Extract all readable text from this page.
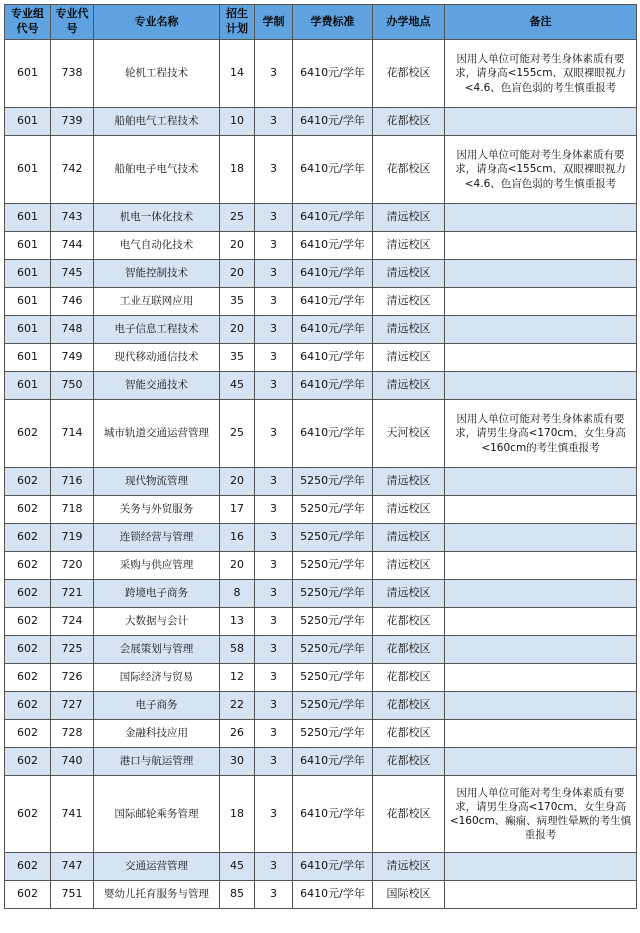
专业组代号	专业代号	专业名称	招生计划	学制	学费标准	办学地点	备注
601	738	轮机工程技术	14	3	6410元/学年	花都校区	因用人单位可能对考生身体素质有要求，请身高<155cm、双眼裸眼视力<4.6、色盲色弱的考生慎重报考
601	739	船舶电气工程技术	10	3	6410元/学年	花都校区	
601	742	船舶电子电气技术	18	3	6410元/学年	花都校区	因用人单位可能对考生身体素质有要求，请身高<155cm、双眼裸眼视力<4.6、色盲色弱的考生慎重报考
601	743	机电一体化技术	25	3	6410元/学年	清远校区	
601	744	电气自动化技术	20	3	6410元/学年	清远校区	
601	745	智能控制技术	20	3	6410元/学年	清远校区	
601	746	工业互联网应用	35	3	6410元/学年	清远校区	
601	748	电子信息工程技术	20	3	6410元/学年	清远校区	
601	749	现代移动通信技术	35	3	6410元/学年	清远校区	
601	750	智能交通技术	45	3	6410元/学年	清远校区	
602	714	城市轨道交通运营管理	25	3	6410元/学年	天河校区	因用人单位可能对考生身体素质有要求，请男生身高<170cm、女生身高<160cm的考生慎重报考
602	716	现代物流管理	20	3	5250元/学年	清远校区	
602	718	关务与外贸服务	17	3	5250元/学年	清远校区	
602	719	连锁经营与管理	16	3	5250元/学年	清远校区	
602	720	采购与供应管理	20	3	5250元/学年	清远校区	
602	721	跨境电子商务	8	3	5250元/学年	清远校区	
602	724	大数据与会计	13	3	5250元/学年	花都校区	
602	725	会展策划与管理	58	3	5250元/学年	花都校区	
602	726	国际经济与贸易	12	3	5250元/学年	花都校区	
602	727	电子商务	22	3	5250元/学年	花都校区	
602	728	金融科技应用	26	3	5250元/学年	花都校区	
602	740	港口与航运管理	30	3	6410元/学年	花都校区	
602	741	国际邮轮乘务管理	18	3	6410元/学年	花都校区	因用人单位可能对考生身体素质有要求，请男生身高<170cm、女生身高<160cm、癫痫、病理性晕厥的考生慎重报考
602	747	交通运营管理	45	3	6410元/学年	清远校区	
602	751	婴幼儿托育服务与管理	85	3	6410元/学年	国际校区	
